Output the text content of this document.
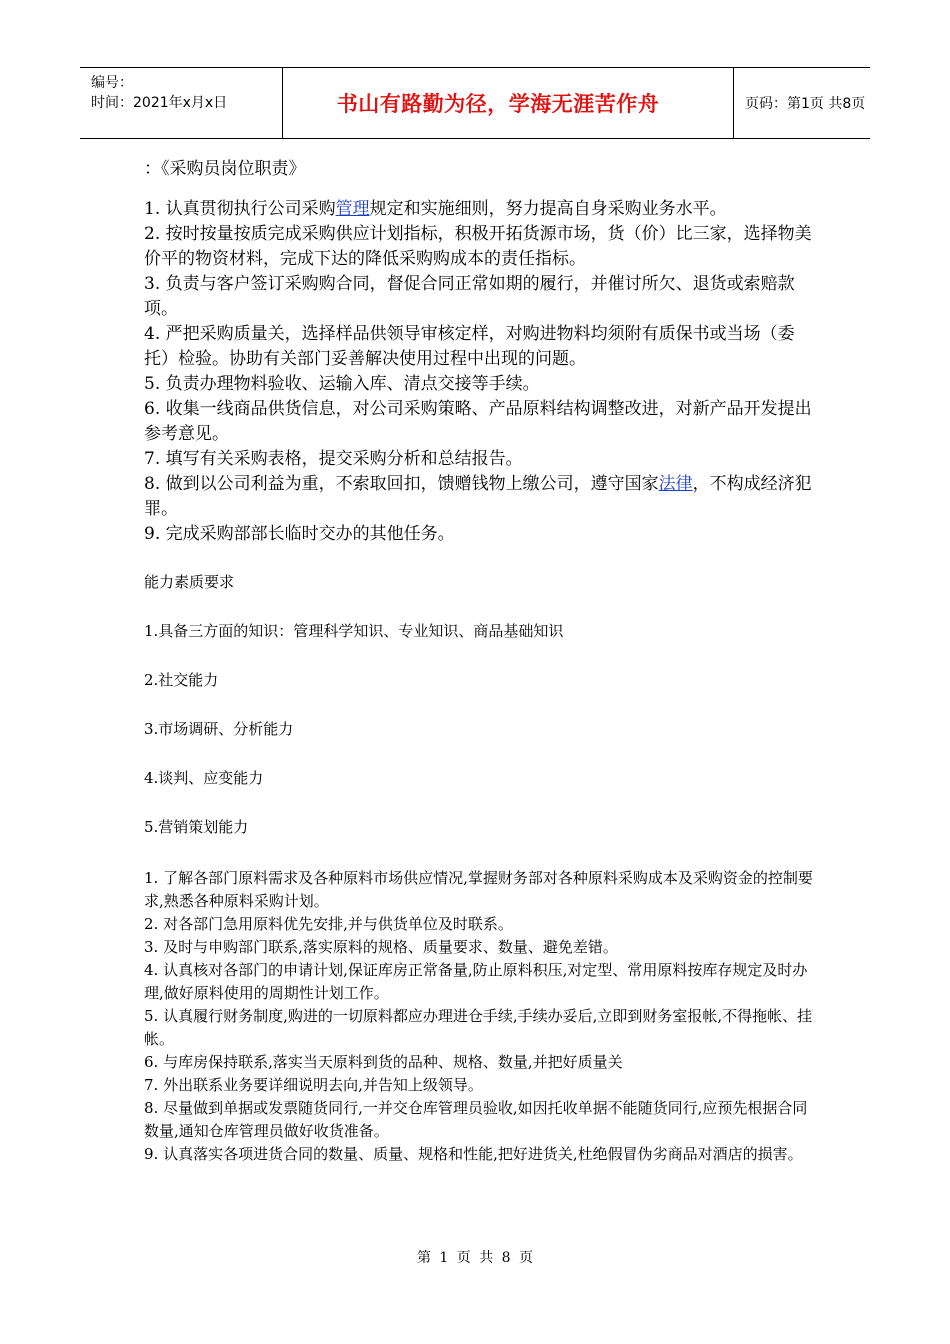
编号：
时间：2021年x月x日	书山有路勤为径，学海无涯苦作舟	页码：第1页 共8页

：《采购员岗位职责》

1. 认真贯彻执行公司采购管理规定和实施细则，努力提高自身采购业务水平。

2. 按时按量按质完成采购供应计划指标，积极开拓货源市场，货（价）比三家，选择物美价平的物资材料，完成下达的降低采购购成本的责任指标。

3. 负责与客户签订采购购合同，督促合同正常如期的履行，并催讨所欠、退货或索赔款项。

4. 严把采购质量关，选择样品供领导审核定样，对购进物料均须附有质保书或当场（委托）检验。协助有关部门妥善解决使用过程中出现的问题。

5. 负责办理物料验收、运输入库、清点交接等手续。

6. 收集一线商品供货信息，对公司采购策略、产品原料结构调整改进，对新产品开发提出参考意见。

7. 填写有关采购表格，提交采购分析和总结报告。

8. 做到以公司利益为重，不索取回扣，馈赠钱物上缴公司，遵守国家法律，不构成经济犯罪。

9. 完成采购部部长临时交办的其他任务。

能力素质要求

1.具备三方面的知识：管理科学知识、专业知识、商品基础知识

2.社交能力

3.市场调研、分析能力

4.谈判、应变能力

5.营销策划能力

1. 了解各部门原料需求及各种原料市场供应情况,掌握财务部对各种原料采购成本及采购资金的控制要求,熟悉各种原料采购计划。

2. 对各部门急用原料优先安排,并与供货单位及时联系。

3. 及时与申购部门联系,落实原料的规格、质量要求、数量、避免差错。

4. 认真核对各部门的申请计划,保证库房正常备量,防止原料积压,对定型、常用原料按库存规定及时办理,做好原料使用的周期性计划工作。

5. 认真履行财务制度,购进的一切原料都应办理进仓手续,手续办妥后,立即到财务室报帐,不得拖帐、挂帐。

6. 与库房保持联系,落实当天原料到货的品种、规格、数量,并把好质量关

7. 外出联系业务要详细说明去向,并告知上级领导。

8. 尽量做到单据或发票随货同行,一并交仓库管理员验收,如因托收单据不能随货同行,应预先根据合同数量,通知仓库管理员做好收货准备。

9. 认真落实各项进货合同的数量、质量、规格和性能,把好进货关,杜绝假冒伪劣商品对酒店的损害。

第 1 页 共 8 页
